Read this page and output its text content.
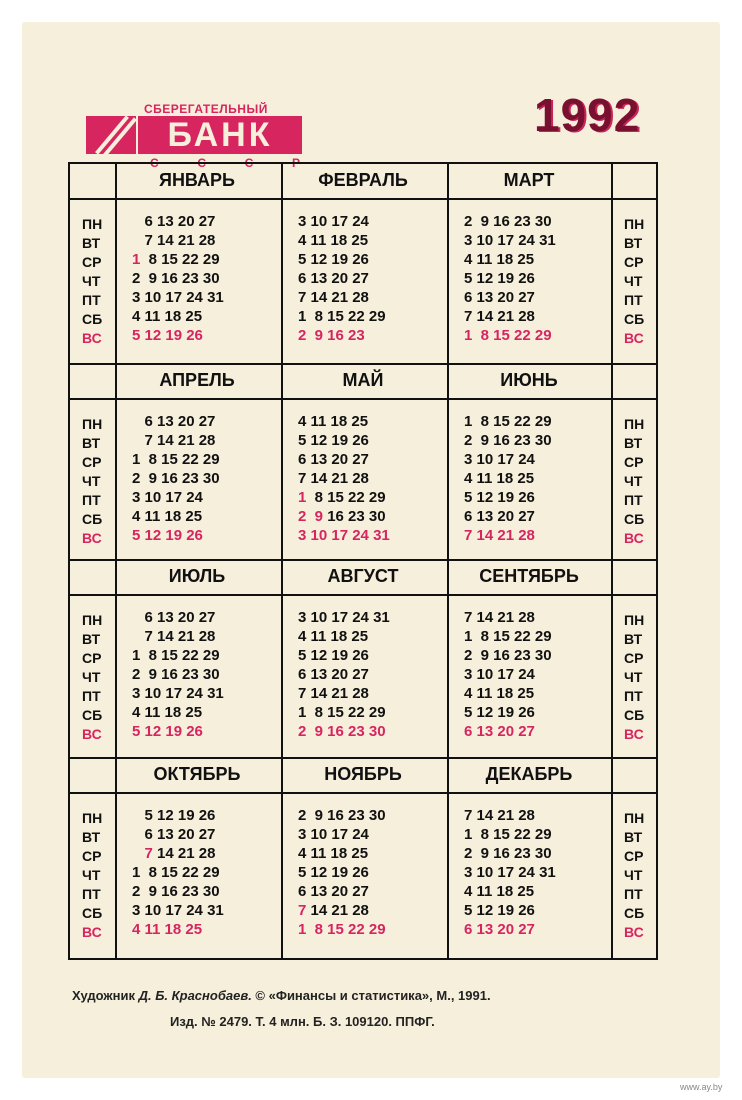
СБЕРЕГАТЕЛЬНЫЙ
БАНК
С	С	С	Р
1992
ПН
ВТ
СР
ЧТ
ПТ
СБ
ВС
ПН
ВТ
СР
ЧТ
ПТ
СБ
ВС
ЯНВАРЬ
6 13 20 27
7 14 21 28
1  8 15 22 29
2  9 16 23 30
3 10 17 24 31
4 11 18 25
5 12 19 26
ФЕВРАЛЬ
3 10 17 24
4 11 18 25
5 12 19 26
6 13 20 27
7 14 21 28
1  8 15 22 29
2  9 16 23
МАРТ
2  9 16 23 30
3 10 17 24 31
4 11 18 25
5 12 19 26
6 13 20 27
7 14 21 28
1  8 15 22 29
ПН
ВТ
СР
ЧТ
ПТ
СБ
ВС
ПН
ВТ
СР
ЧТ
ПТ
СБ
ВС
АПРЕЛЬ
6 13 20 27
7 14 21 28
1  8 15 22 29
2  9 16 23 30
3 10 17 24
4 11 18 25
5 12 19 26
МАЙ
4 11 18 25
5 12 19 26
6 13 20 27
7 14 21 28
1  8 15 22 29
2  9 16 23 30
3 10 17 24 31
ИЮНЬ
1  8 15 22 29
2  9 16 23 30
3 10 17 24
4 11 18 25
5 12 19 26
6 13 20 27
7 14 21 28
ПН
ВТ
СР
ЧТ
ПТ
СБ
ВС
ПН
ВТ
СР
ЧТ
ПТ
СБ
ВС
ИЮЛЬ
6 13 20 27
7 14 21 28
1  8 15 22 29
2  9 16 23 30
3 10 17 24 31
4 11 18 25
5 12 19 26
АВГУСТ
3 10 17 24 31
4 11 18 25
5 12 19 26
6 13 20 27
7 14 21 28
1  8 15 22 29
2  9 16 23 30
СЕНТЯБРЬ
7 14 21 28
1  8 15 22 29
2  9 16 23 30
3 10 17 24
4 11 18 25
5 12 19 26
6 13 20 27
ПН
ВТ
СР
ЧТ
ПТ
СБ
ВС
ПН
ВТ
СР
ЧТ
ПТ
СБ
ВС
ОКТЯБРЬ
5 12 19 26
6 13 20 27
7 14 21 28
1  8 15 22 29
2  9 16 23 30
3 10 17 24 31
4 11 18 25
НОЯБРЬ
2  9 16 23 30
3 10 17 24
4 11 18 25
5 12 19 26
6 13 20 27
7 14 21 28
1  8 15 22 29
ДЕКАБРЬ
7 14 21 28
1  8 15 22 29
2  9 16 23 30
3 10 17 24 31
4 11 18 25
5 12 19 26
6 13 20 27
Художник Д. Б. Краснобаев. © «Финансы и статистика», М., 1991.
Изд. № 2479. Т. 4 млн. Б. З. 109120. ППФГ.
www.ay.by
